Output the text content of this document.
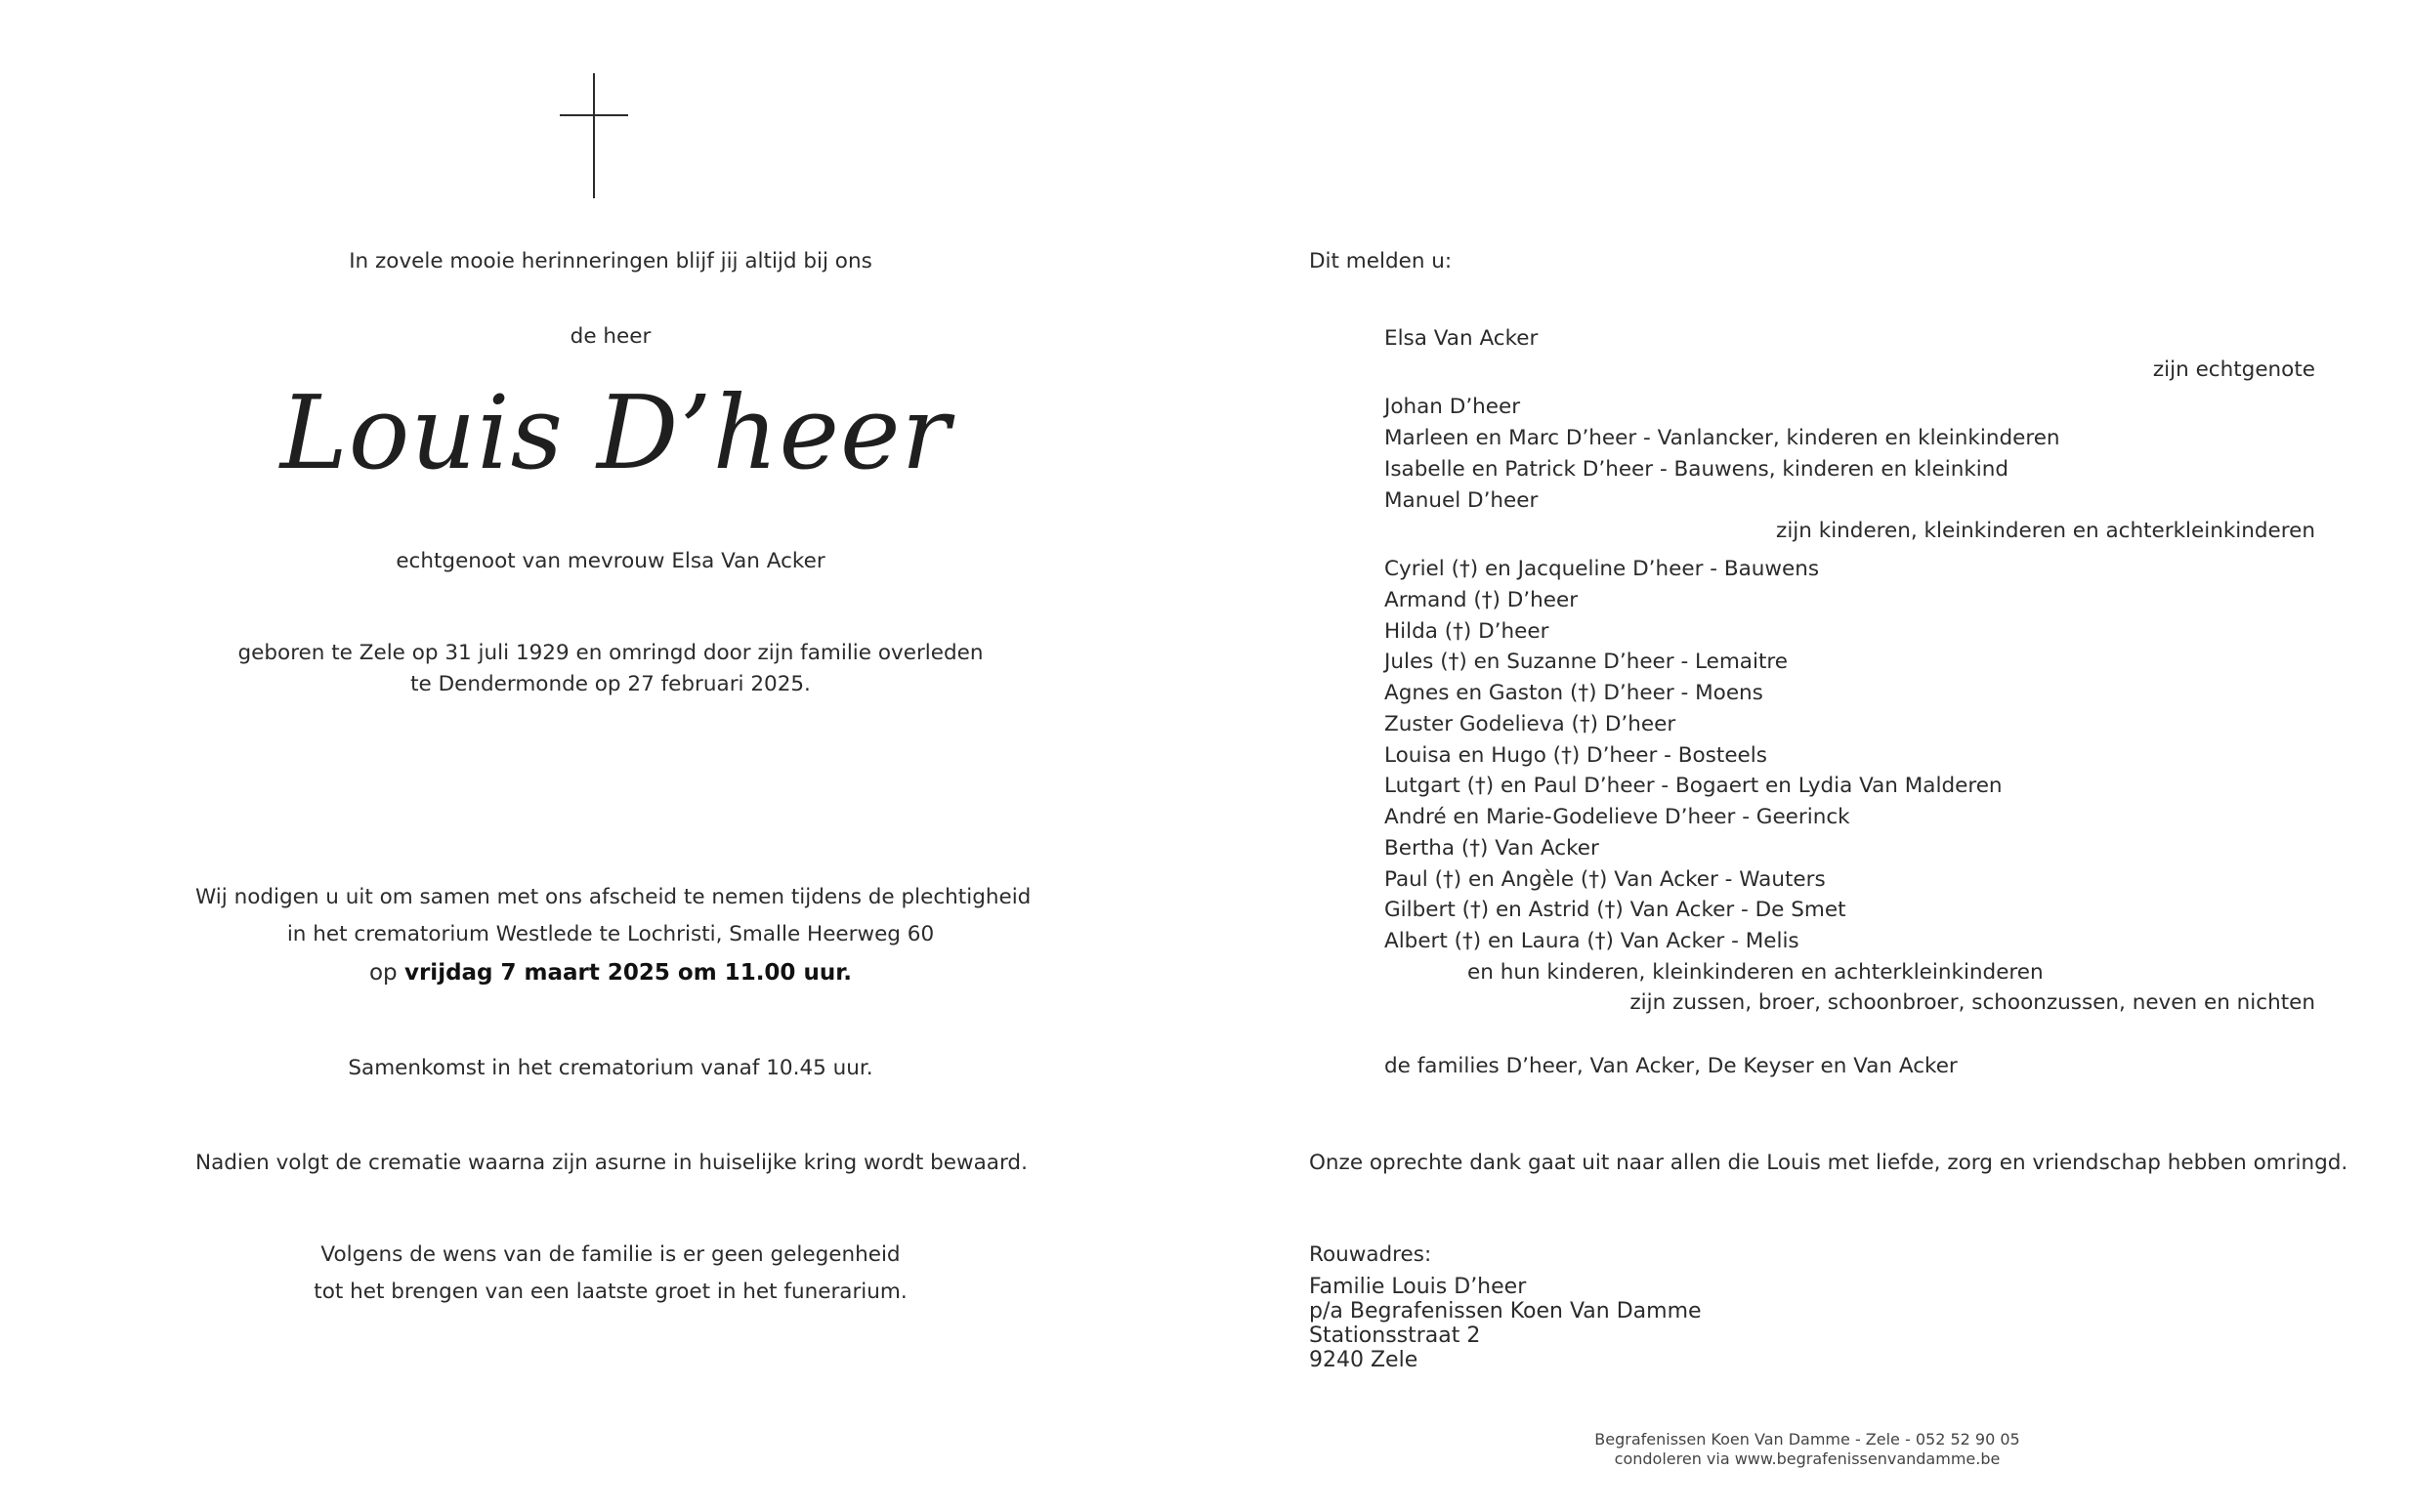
In zovele mooie herinneringen blijf jij altijd bij ons
de heer
Louis D’heer
echtgenoot van mevrouw Elsa Van Acker
geboren te Zele op 31 juli 1929 en omringd door zijn familie overleden
te Dendermonde op 27 februari 2025.
Wij nodigen u uit om samen met ons afscheid te nemen tijdens de plechtigheid
in het crematorium Westlede te Lochristi, Smalle Heerweg 60
op vrijdag 7 maart 2025 om 11.00 uur.
Samenkomst in het crematorium vanaf 10.45 uur.
Nadien volgt de crematie waarna zijn asurne in huiselijke kring wordt bewaard.
Volgens de wens van de familie is er geen gelegenheid
tot het brengen van een laatste groet in het funerarium.
Dit melden u:
Elsa Van Acker
zijn echtgenote
Johan D’heer
Marleen en Marc D’heer - Vanlancker, kinderen en kleinkinderen
Isabelle en Patrick D’heer - Bauwens, kinderen en kleinkind
Manuel D’heer
zijn kinderen, kleinkinderen en achterkleinkinderen
Cyriel (†) en Jacqueline D’heer - Bauwens
Armand (†) D’heer
Hilda (†) D’heer
Jules (†) en Suzanne D’heer - Lemaitre
Agnes en Gaston (†) D’heer - Moens
Zuster Godelieva (†) D’heer
Louisa en Hugo (†) D’heer - Bosteels
Lutgart (†) en Paul D’heer - Bogaert en Lydia Van Malderen
André en Marie-Godelieve D’heer - Geerinck
Bertha (†) Van Acker
Paul (†) en Angèle (†) Van Acker - Wauters
Gilbert (†) en Astrid (†) Van Acker - De Smet
Albert (†) en Laura (†) Van Acker - Melis
en hun kinderen, kleinkinderen en achterkleinkinderen
zijn zussen, broer, schoonbroer, schoonzussen, neven en nichten
de families D’heer, Van Acker, De Keyser en Van Acker
Onze oprechte dank gaat uit naar allen die Louis met liefde, zorg en vriendschap hebben omringd.
Rouwadres:
Familie Louis D’heer
p/a Begrafenissen Koen Van Damme
Stationsstraat 2
9240 Zele
Begrafenissen Koen Van Damme - Zele - 052 52 90 05
condoleren via www.begrafenissenvandamme.be
